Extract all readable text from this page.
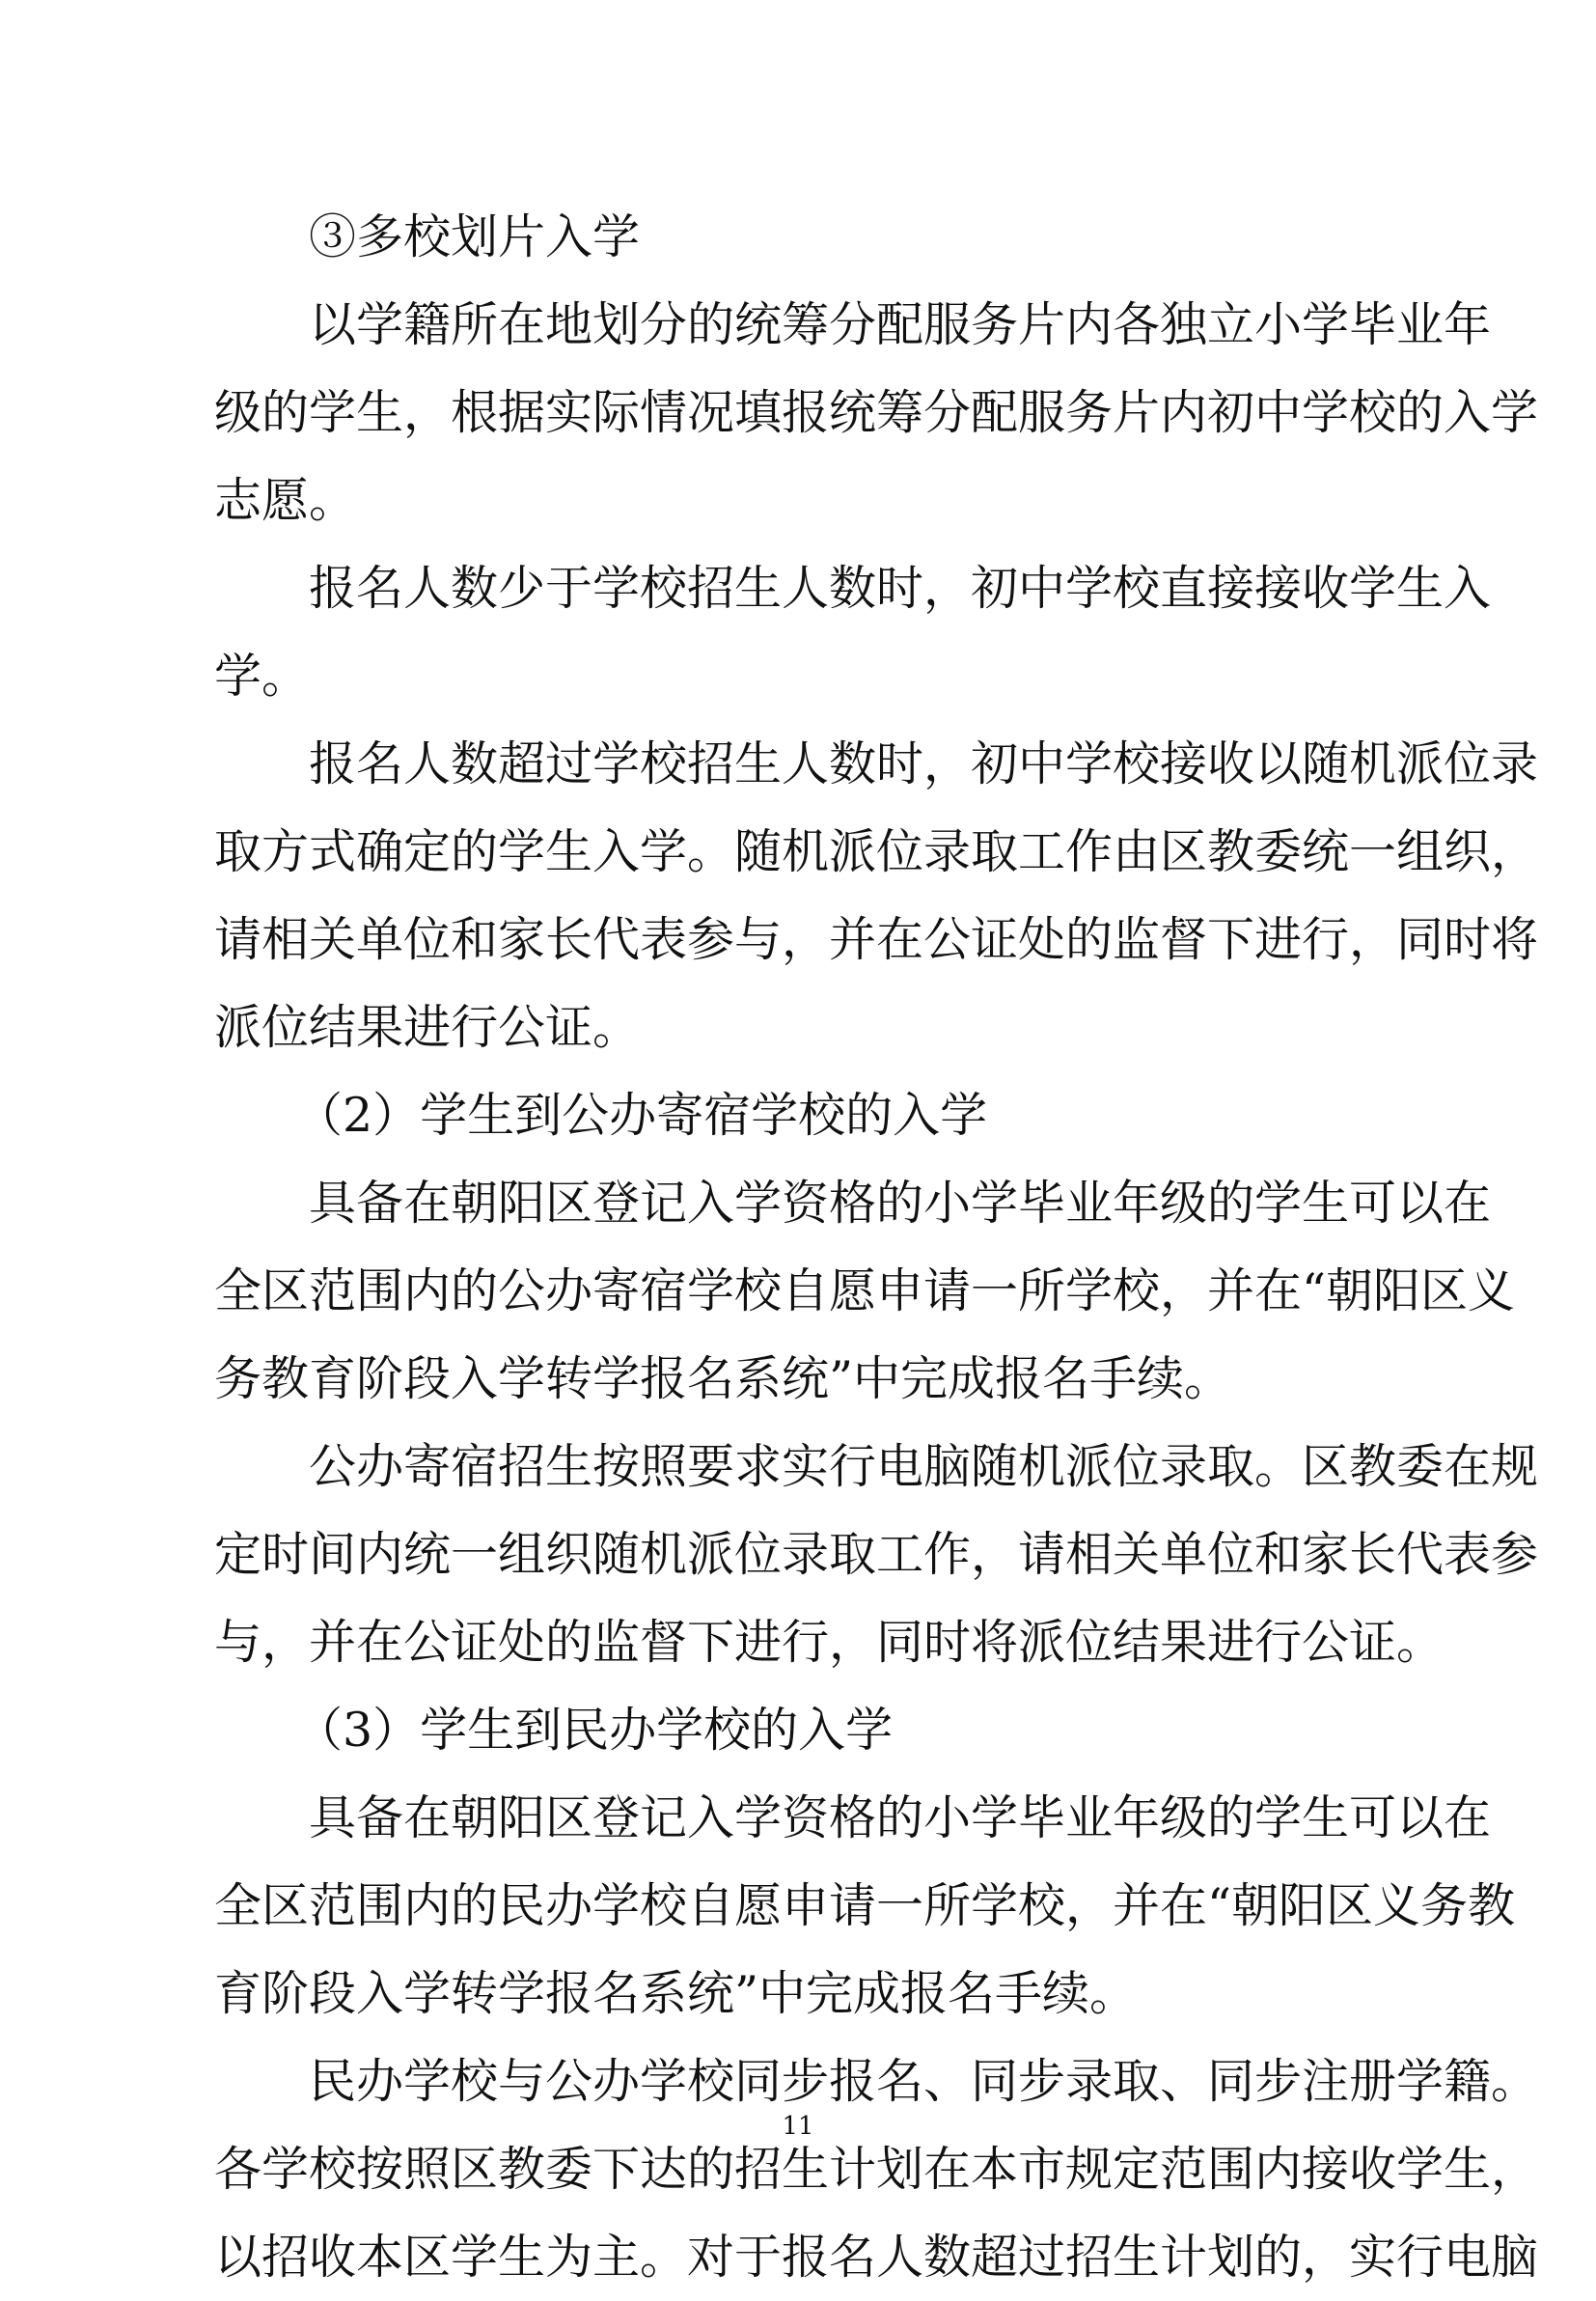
③多校划片入学
以学籍所在地划分的统筹分配服务片内各独立小学毕业年
级的学生，根据实际情况填报统筹分配服务片内初中学校的入学
志愿。
报名人数少于学校招生人数时，初中学校直接接收学生入
学。
报名人数超过学校招生人数时，初中学校接收以随机派位录
取方式确定的学生入学。随机派位录取工作由区教委统一组织，
请相关单位和家长代表参与，并在公证处的监督下进行，同时将
派位结果进行公证。
（2）学生到公办寄宿学校的入学
具备在朝阳区登记入学资格的小学毕业年级的学生可以在
全区范围内的公办寄宿学校自愿申请一所学校，并在“朝阳区义
务教育阶段入学转学报名系统”中完成报名手续。
公办寄宿招生按照要求实行电脑随机派位录取。区教委在规
定时间内统一组织随机派位录取工作，请相关单位和家长代表参
与，并在公证处的监督下进行，同时将派位结果进行公证。
（3）学生到民办学校的入学
具备在朝阳区登记入学资格的小学毕业年级的学生可以在
全区范围内的民办学校自愿申请一所学校，并在“朝阳区义务教
育阶段入学转学报名系统”中完成报名手续。
民办学校与公办学校同步报名、同步录取、同步注册学籍。
各学校按照区教委下达的招生计划在本市规定范围内接收学生，
以招收本区学生为主。对于报名人数超过招生计划的，实行电脑
11
